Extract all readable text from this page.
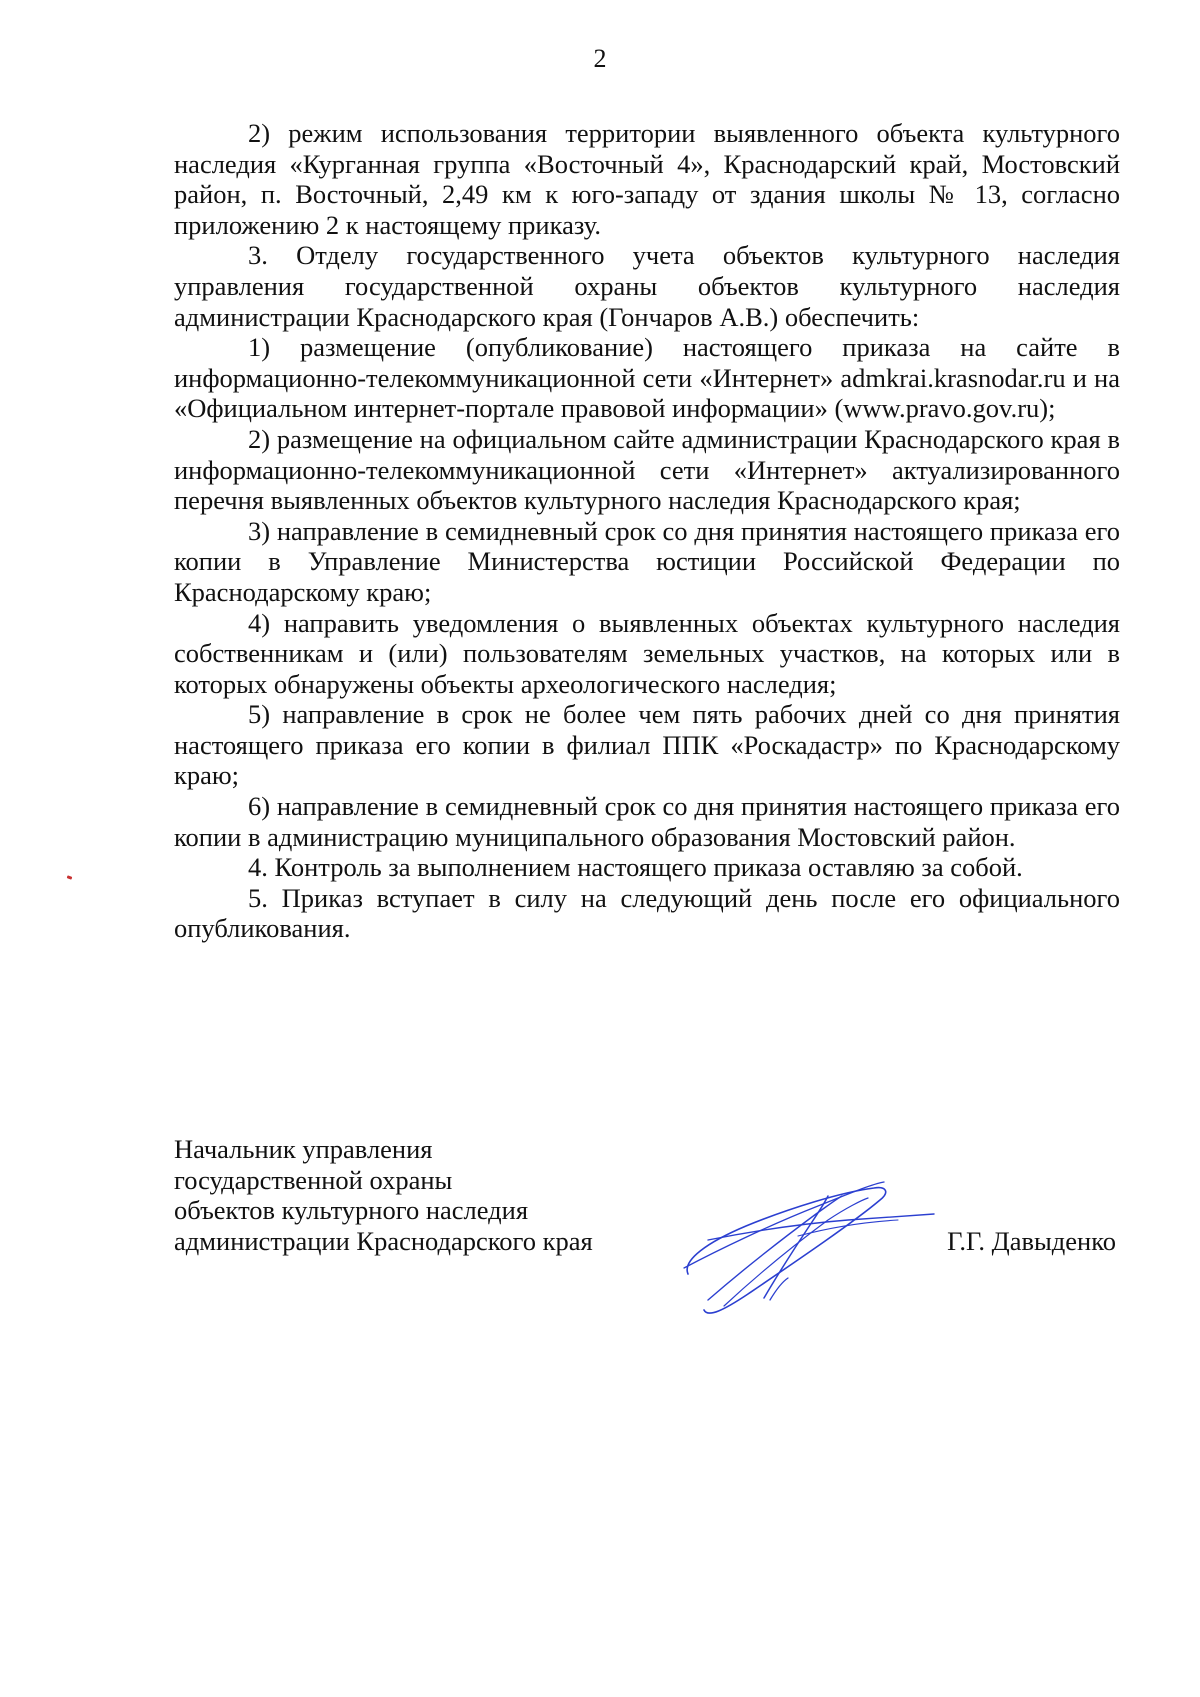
2

2) режим использования территории выявленного объекта культурного наследия «Курганная группа «Восточный 4», Краснодарский край, Мостовский район, п. Восточный, 2,49 км к юго-западу от здания школы № 13, согласно приложению 2 к настоящему приказу.

3. Отделу государственного учета объектов культурного наследия управления государственной охраны объектов культурного наследия администрации Краснодарского края (Гончаров А.В.) обеспечить:

1) размещение (опубликование) настоящего приказа на сайте в информационно-телекоммуникационной сети «Интернет» admkrai.krasnodar.ru и на «Официальном интернет-портале правовой информации» (www.pravo.gov.ru);

2) размещение на официальном сайте администрации Краснодарского края в информационно-телекоммуникационной сети «Интернет» актуализированного перечня выявленных объектов культурного наследия Краснодарского края;

3) направление в семидневный срок со дня принятия настоящего приказа его копии в Управление Министерства юстиции Российской Федерации по Краснодарскому краю;

4) направить уведомления о выявленных объектах культурного наследия собственникам и (или) пользователям земельных участков, на которых или в которых обнаружены объекты археологического наследия;

5) направление в срок не более чем пять рабочих дней со дня принятия настоящего приказа его копии в филиал ППК «Роскадастр» по Краснодарскому краю;

6) направление в семидневный срок со дня принятия настоящего приказа его копии в администрацию муниципального образования Мостовский район.

4. Контроль за выполнением настоящего приказа оставляю за собой.

5. Приказ вступает в силу на следующий день после его официального опубликования.

Начальник управления
государственной охраны
объектов культурного наследия
администрации Краснодарского края	Г.Г. Давыденко
